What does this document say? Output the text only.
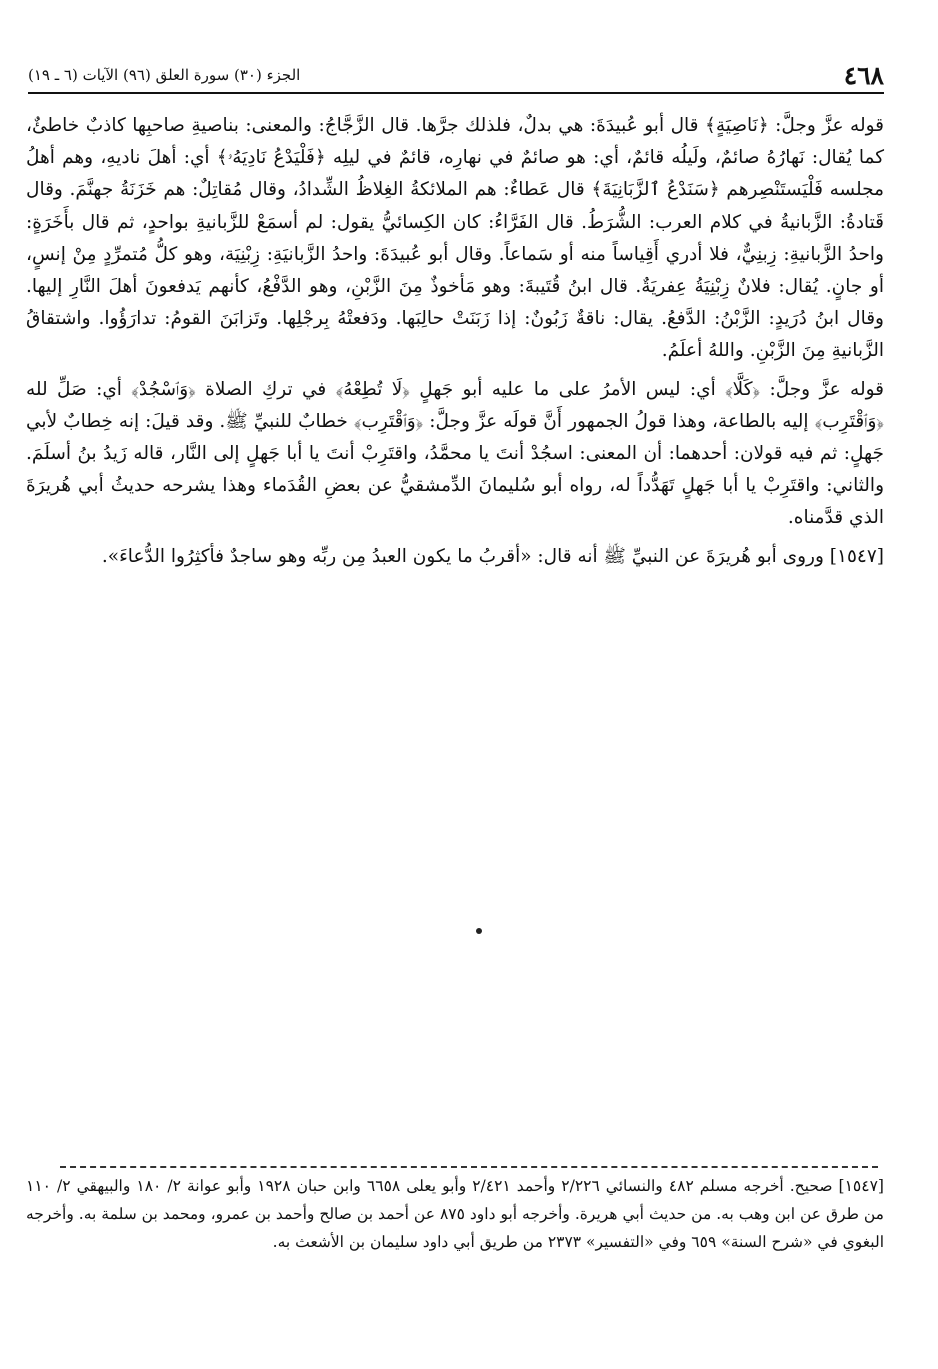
٤٦٨
الجزء (٣٠) سورة العلق (٩٦) الآيات (٦ ـ ١٩)

قوله عزَّ وجلَّ: ﴿نَاصِيَةٍ﴾ قال أبو عُبيدَةَ: هي بدلٌ، فلذلك جرَّها. قال الزَّجَّاجُ: والمعنى: بناصيةِ صاحبِها كاذبٌ خاطئٌ، كما يُقال: نَهارُهُ صائمٌ، ولَيلُه قائمٌ، أي: هو صائمٌ في نهارِه، قائمٌ في ليلِه ﴿فَلْيَدْعُ نَادِيَهُۥ﴾ أي: أهلَ ناديهِ، وهم أهلُ مجلسه فَلْيَستَنْصِرهم ﴿سَنَدْعُ ٱلزَّبَانِيَةَ﴾ قال عَطاءٌ: هم الملائكةُ الغِلاظُ الشِّدادُ، وقال مُقاتِلٌ: هم خَزَنَةُ جهنَّمَ. وقال قَتادةُ: الزَّبانيةُ في كلام العرب: الشُّرَطُ. قال الفَرَّاءُ: كان الكِسائيُّ يقول: لم أسمَعْ للزَّبانيةِ بواحدٍ، ثم قال بأَخَرَةٍ: واحدُ الزَّبانيةِ: زِبنِيٌّ، فلا أدري أَقِياساً منه أو سَماعاً. وقال أبو عُبيدَةَ: واحدُ الزَّبانيَةِ: زِبْنِيَة، وهو كلُّ مُتمرِّدٍ مِنْ إنسٍ، أو جانٍ. يُقال: فلانٌ زِبْنِيَةُ عِفريَةٌ. قال ابنُ قُتَيبةَ: وهو مَأخوذٌ مِنَ الزَّبْنِ، وهو الدَّفْعُ، كأنهم يَدفعونَ أهلَ النَّارِ إليها. وقال ابنُ دُرَيدٍ: الزَّبْنُ: الدَّفعُ. يقال: ناقةٌ زَبُونٌ: إذا زَبَنَتْ حالِبَها. ودَفعتْهُ بِرجْلِها. وتَزابَنَ القومُ: تدارَؤُوا. واشتقاقُ الزَّبانيةِ مِنَ الزَّبْنِ. واللهُ أعلَمُ.

قوله عزَّ وجلَّ: ﴿كَلَّا﴾ أي: ليس الأمرُ على ما عليه أبو جَهلٍ ﴿لَا تُطِعْهُ﴾ في تركِ الصلاة ﴿وَٱسْجُدْ﴾ أي: صَلِّ لله ﴿وَٱقْتَرِب﴾ إليه بالطاعة، وهذا قولُ الجمهور أَنَّ قولَه عزَّ وجلَّ: ﴿وَٱقْتَرِب﴾ خطابٌ للنبيِّ ﷺ. وقد قيلَ: إنه خِطابٌ لأبي جَهلٍ: ثم فيه قولان: أحدهما: أن المعنى: اسجُدْ أنتَ يا محمَّدُ، واقتَرِبْ أنتَ يا أبا جَهلٍ إلى النَّار، قاله زَيدُ بنُ أسلَمَ. والثاني: واقتَرِبْ يا أبا جَهلٍ تَهَدُّداً له، رواه أبو سُليمانَ الدِّمشقيُّ عن بعضِ القُدَماء وهذا يشرحه حديثُ أبي هُريرَةَ الذي قدَّمناه.

[١٥٤٧] وروى أبو هُريرَةَ عن النبيِّ ﷺ أنه قال: «أقربُ ما يكون العبدُ مِن ربِّه وهو ساجدٌ فأكثِرُوا الدُّعاءَ».

[١٥٤٧] صحيح. أخرجه مسلم ٤٨٢ والنسائي ٢/٢٢٦ وأحمد ٢/٤٢١ وأبو يعلى ٦٦٥٨ وابن حبان ١٩٢٨ وأبو عوانة ٢/ ١٨٠ والبيهقي ٢/ ١١٠ من طرق عن ابن وهب به. من حديث أبي هريرة. وأخرجه أبو داود ٨٧٥ عن أحمد بن صالح وأحمد بن عمرو، ومحمد بن سلمة به. وأخرجه البغوي في «شرح السنة» ٦٥٩ وفي «التفسير» ٢٣٧٣ من طريق أبي داود سليمان بن الأشعث به.
